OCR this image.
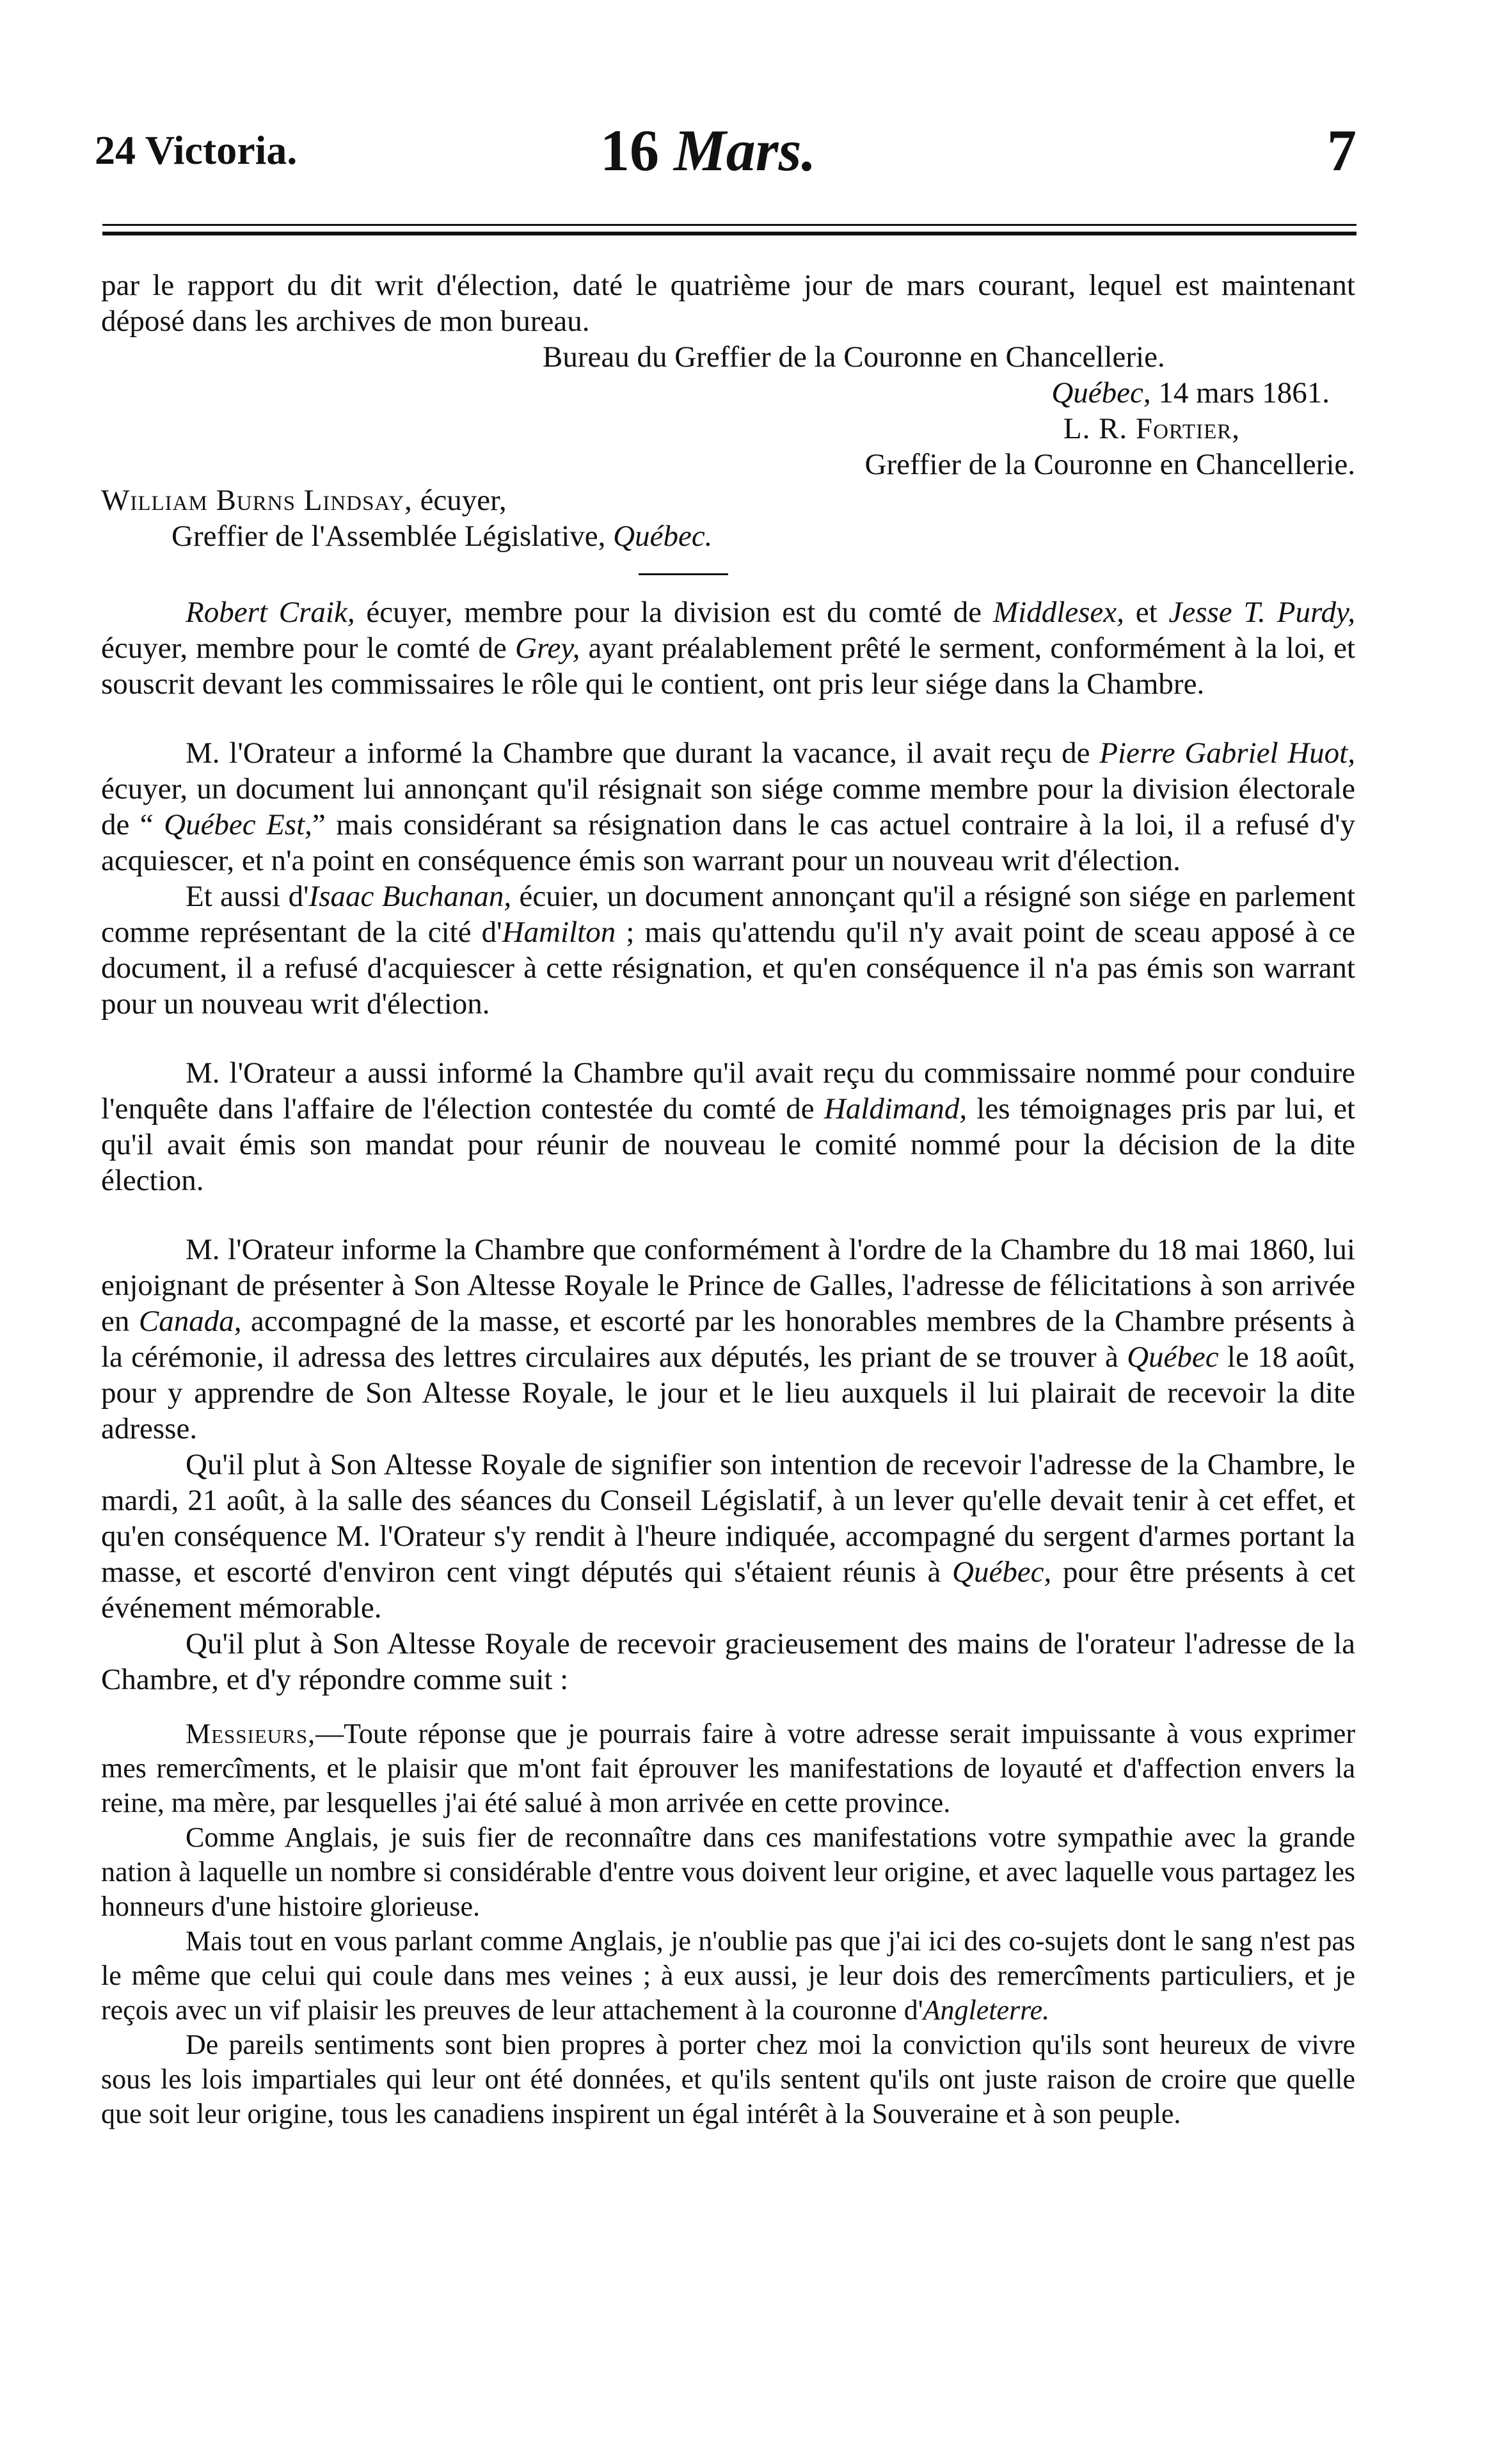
24 Victoria.	16 Mars.	7

par le rapport du dit writ d'élection, daté le quatrième jour de mars courant, lequel est maintenant déposé dans les archives de mon bureau.

Bureau du Greffier de la Couronne en Chancellerie.

Québec, 14 mars 1861.

L. R. Fortier,

Greffier de la Couronne en Chancellerie.

William Burns Lindsay, écuyer,

Greffier de l'Assemblée Législative, Québec.

Robert Craik, écuyer, membre pour la division est du comté de Middlesex, et Jesse T. Purdy, écuyer, membre pour le comté de Grey, ayant préalablement prêté le serment, conformément à la loi, et souscrit devant les commissaires le rôle qui le contient, ont pris leur siége dans la Chambre.

M. l'Orateur a informé la Chambre que durant la vacance, il avait reçu de Pierre Gabriel Huot, écuyer, un document lui annonçant qu'il résignait son siége comme membre pour la division électorale de “ Québec Est,” mais considérant sa résignation dans le cas actuel contraire à la loi, il a refusé d'y acquiescer, et n'a point en conséquence émis son warrant pour un nouveau writ d'élection.

Et aussi d'Isaac Buchanan, écuier, un document annonçant qu'il a résigné son siége en parlement comme représentant de la cité d'Hamilton ; mais qu'attendu qu'il n'y avait point de sceau apposé à ce document, il a refusé d'acquiescer à cette résignation, et qu'en conséquence il n'a pas émis son warrant pour un nouveau writ d'élection.

M. l'Orateur a aussi informé la Chambre qu'il avait reçu du commissaire nommé pour conduire l'enquête dans l'affaire de l'élection contestée du comté de Haldimand, les témoignages pris par lui, et qu'il avait émis son mandat pour réunir de nouveau le comité nommé pour la décision de la dite élection.

M. l'Orateur informe la Chambre que conformément à l'ordre de la Chambre du 18 mai 1860, lui enjoignant de présenter à Son Altesse Royale le Prince de Galles, l'adresse de félicitations à son arrivée en Canada, accompagné de la masse, et escorté par les honorables membres de la Chambre présents à la cérémonie, il adressa des lettres circulaires aux députés, les priant de se trouver à Québec le 18 août, pour y apprendre de Son Altesse Royale, le jour et le lieu auxquels il lui plairait de recevoir la dite adresse.

Qu'il plut à Son Altesse Royale de signifier son intention de recevoir l'adresse de la Chambre, le mardi, 21 août, à la salle des séances du Conseil Législatif, à un lever qu'elle devait tenir à cet effet, et qu'en conséquence M. l'Orateur s'y rendit à l'heure indiquée, accompagné du sergent d'armes portant la masse, et escorté d'environ cent vingt députés qui s'étaient réunis à Québec, pour être présents à cet événement mémorable.

Qu'il plut à Son Altesse Royale de recevoir gracieusement des mains de l'orateur l'adresse de la Chambre, et d'y répondre comme suit :

Messieurs,—Toute réponse que je pourrais faire à votre adresse serait impuissante à vous exprimer mes remercîments, et le plaisir que m'ont fait éprouver les manifestations de loyauté et d'affection envers la reine, ma mère, par lesquelles j'ai été salué à mon arrivée en cette province.

Comme Anglais, je suis fier de reconnaître dans ces manifestations votre sympathie avec la grande nation à laquelle un nombre si considérable d'entre vous doivent leur origine, et avec laquelle vous partagez les honneurs d'une histoire glorieuse.

Mais tout en vous parlant comme Anglais, je n'oublie pas que j'ai ici des co-sujets dont le sang n'est pas le même que celui qui coule dans mes veines ; à eux aussi, je leur dois des remercîments particuliers, et je reçois avec un vif plaisir les preuves de leur attachement à la couronne d'Angleterre.

De pareils sentiments sont bien propres à porter chez moi la conviction qu'ils sont heureux de vivre sous les lois impartiales qui leur ont été données, et qu'ils sentent qu'ils ont juste raison de croire que quelle que soit leur origine, tous les canadiens inspirent un égal intérêt à la Souveraine et à son peuple.
